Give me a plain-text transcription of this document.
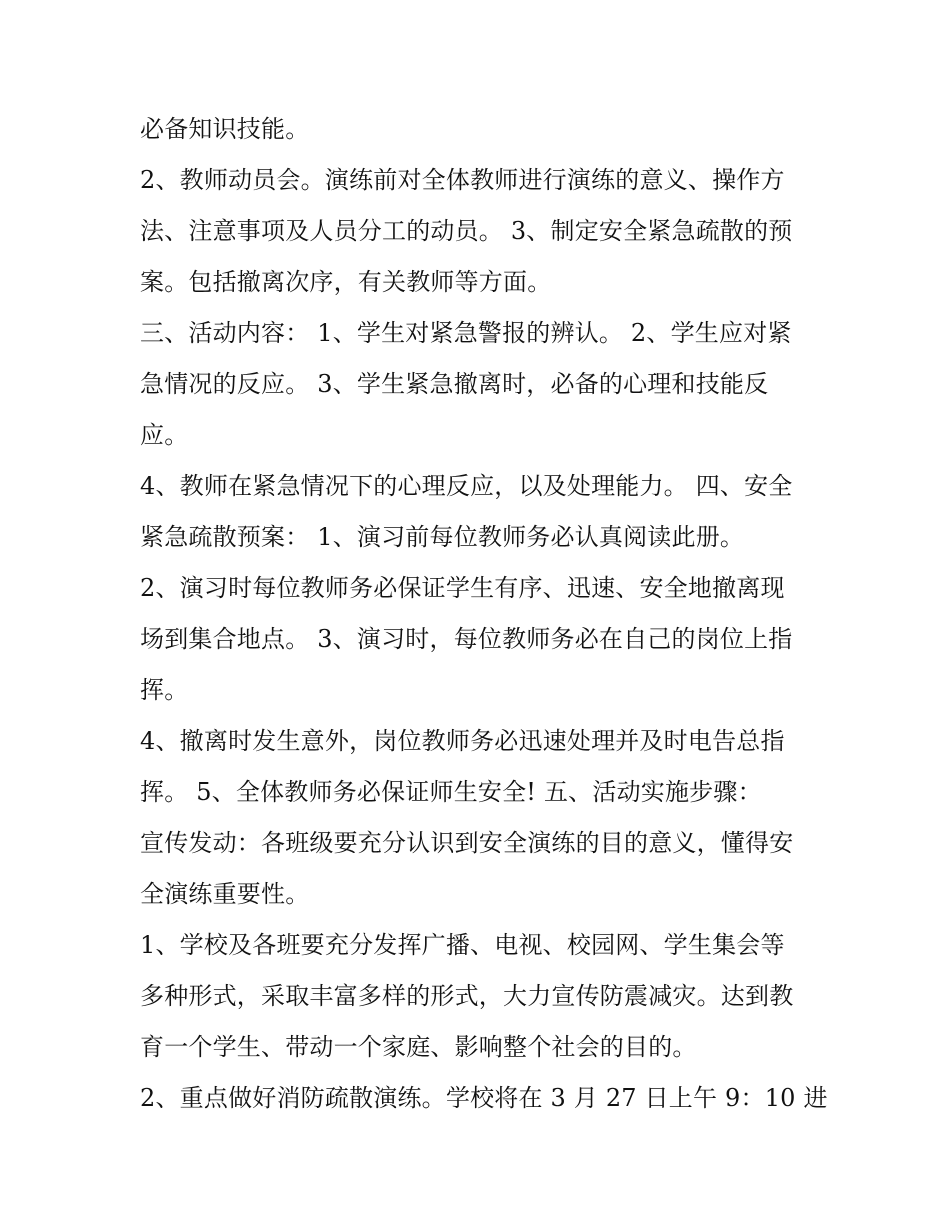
必备知识技能。
2、教师动员会。演练前对全体教师进行演练的意义、操作方
法、注意事项及人员分工的动员。 3、制定安全紧急疏散的预
案。包括撤离次序，有关教师等方面。
三、活动内容： 1、学生对紧急警报的辨认。 2、学生应对紧
急情况的反应。 3、学生紧急撤离时，必备的心理和技能反
应。
4、教师在紧急情况下的心理反应，以及处理能力。 四、安全
紧急疏散预案： 1、演习前每位教师务必认真阅读此册。
2、演习时每位教师务必保证学生有序、迅速、安全地撤离现
场到集合地点。 3、演习时，每位教师务必在自己的岗位上指
挥。
4、撤离时发生意外，岗位教师务必迅速处理并及时电告总指
挥。 5、全体教师务必保证师生安全! 五、活动实施步骤：
宣传发动：各班级要充分认识到安全演练的目的意义，懂得安
全演练重要性。
1、学校及各班要充分发挥广播、电视、校园网、学生集会等
多种形式，采取丰富多样的形式，大力宣传防震减灾。达到教
育一个学生、带动一个家庭、影响整个社会的目的。
2、重点做好消防疏散演练。学校将在 3 月 27 日上午 9：10 进
